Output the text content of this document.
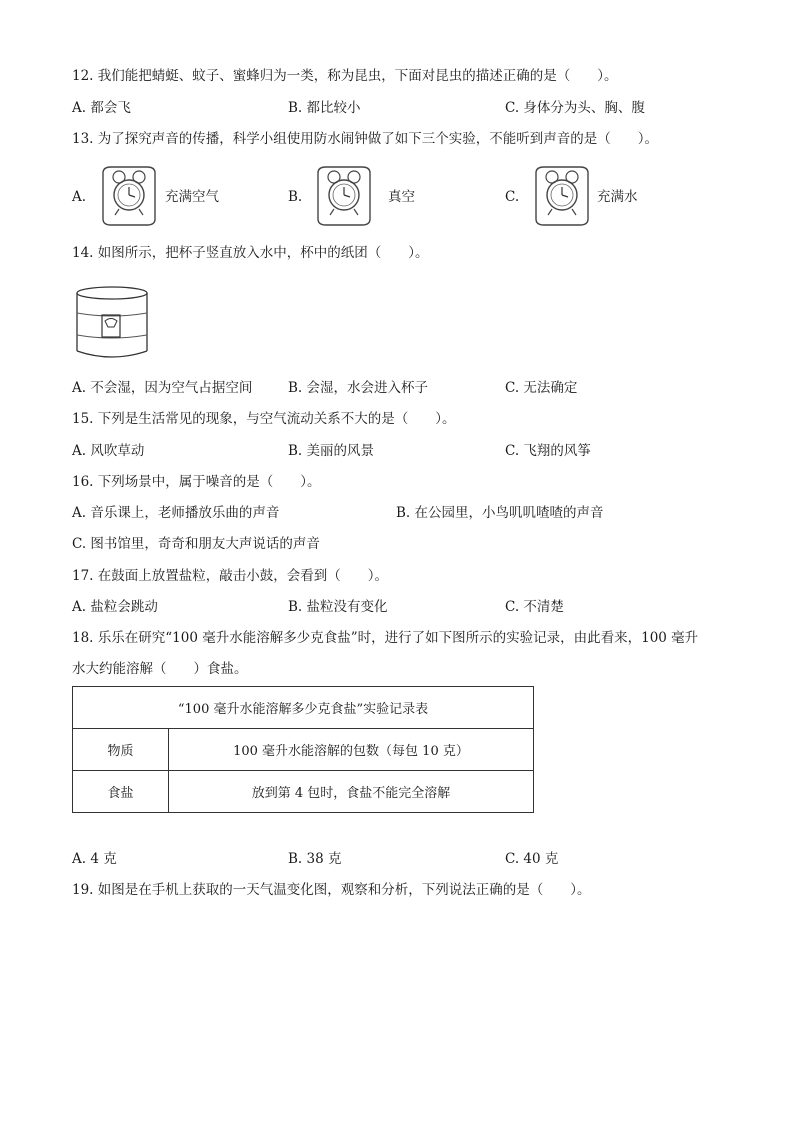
12. 我们能把蜻蜓、蚊子、蜜蜂归为一类，称为昆虫，下面对昆虫的描述正确的是（　　）。
A. 都会飞	B. 都比较小	C. 身体分为头、胸、腹
13. 为了探究声音的传播，科学小组使用防水闹钟做了如下三个实验，不能听到声音的是（　　）。
A.	充满空气	B.	真空	C.	充满水
14. 如图所示，把杯子竖直放入水中，杯中的纸团（　　）。
A. 不会湿，因为空气占据空间	B. 会湿，水会进入杯子	C. 无法确定
15. 下列是生活常见的现象，与空气流动关系不大的是（　　）。
A. 风吹草动	B. 美丽的风景	C. 飞翔的风筝
16. 下列场景中，属于噪音的是（　　）。
A. 音乐课上，老师播放乐曲的声音	B. 在公园里，小鸟叽叽喳喳的声音
C. 图书馆里，奇奇和朋友大声说话的声音
17. 在鼓面上放置盐粒，敲击小鼓，会看到（　　）。
A. 盐粒会跳动	B. 盐粒没有变化	C. 不清楚
18. 乐乐在研究“100 毫升水能溶解多少克食盐”时，进行了如下图所示的实验记录，由此看来，100 毫升
水大约能溶解（　　）食盐。
“100 毫升水能溶解多少克食盐”实验记录表	
物质	100 毫升水能溶解的包数（每包 10 克）
食盐	放到第 4 包时，食盐不能完全溶解
A. 4 克	B. 38 克	C. 40 克
19. 如图是在手机上获取的一天气温变化图，观察和分析，下列说法正确的是（　　）。
